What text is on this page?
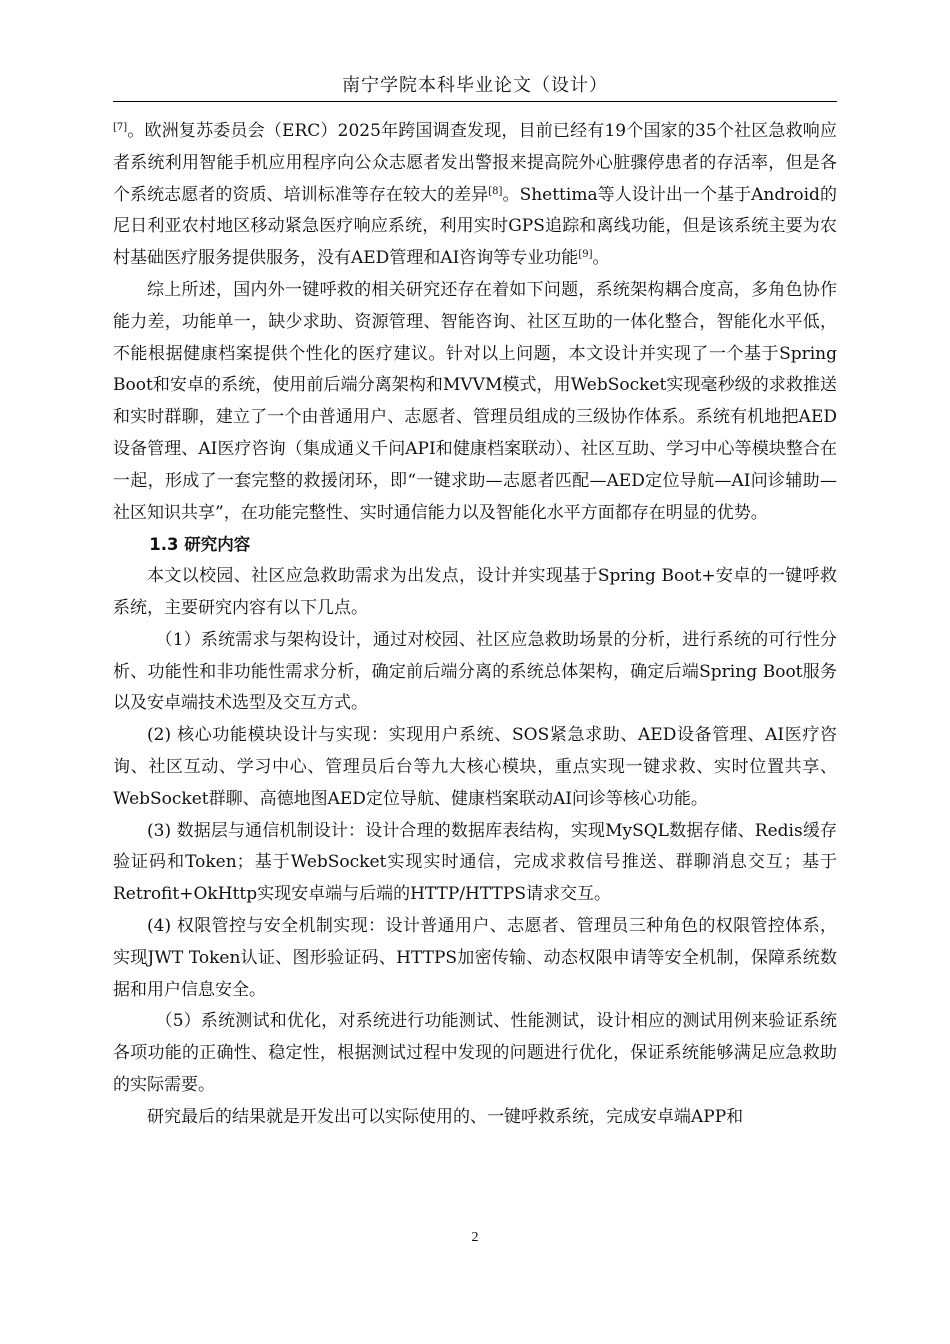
南宁学院本科毕业论文（设计）

[7]。欧洲复苏委员会（ERC）2025年跨国调查发现，目前已经有19个国家的35个社区急救响应者系统利用智能手机应用程序向公众志愿者发出警报来提高院外心脏骤停患者的存活率，但是各个系统志愿者的资质、培训标准等存在较大的差异[8]。Shettima等人设计出一个基于Android的尼日利亚农村地区移动紧急医疗响应系统，利用实时GPS追踪和离线功能，但是该系统主要为农村基础医疗服务提供服务，没有AED管理和AI咨询等专业功能[9]。

综上所述，国内外一键呼救的相关研究还存在着如下问题，系统架构耦合度高，多角色协作能力差，功能单一，缺少求助、资源管理、智能咨询、社区互助的一体化整合，智能化水平低，不能根据健康档案提供个性化的医疗建议。针对以上问题，本文设计并实现了一个基于Spring Boot和安卓的系统，使用前后端分离架构和MVVM模式，用WebSocket实现毫秒级的求救推送和实时群聊，建立了一个由普通用户、志愿者、管理员组成的三级协作体系。系统有机地把AED设备管理、AI医疗咨询（集成通义千问API和健康档案联动）、社区互助、学习中心等模块整合在一起，形成了一套完整的救援闭环，即“一键求助—志愿者匹配—AED定位导航—AI问诊辅助—社区知识共享”，在功能完整性、实时通信能力以及智能化水平方面都存在明显的优势。

1.3 研究内容

本文以校园、社区应急救助需求为出发点，设计并实现基于Spring Boot+安卓的一键呼救系统，主要研究内容有以下几点。

（1）系统需求与架构设计，通过对校园、社区应急救助场景的分析，进行系统的可行性分析、功能性和非功能性需求分析，确定前后端分离的系统总体架构，确定后端Spring Boot服务以及安卓端技术选型及交互方式。

(2) 核心功能模块设计与实现：实现用户系统、SOS紧急求助、AED设备管理、AI医疗咨询、社区互动、学习中心、管理员后台等九大核心模块，重点实现一键求救、实时位置共享、WebSocket群聊、高德地图AED定位导航、健康档案联动AI问诊等核心功能。

(3) 数据层与通信机制设计：设计合理的数据库表结构，实现MySQL数据存储、Redis缓存验证码和Token；基于WebSocket实现实时通信，完成求救信号推送、群聊消息交互；基于Retrofit+OkHttp实现安卓端与后端的HTTP/HTTPS请求交互。

(4) 权限管控与安全机制实现：设计普通用户、志愿者、管理员三种角色的权限管控体系，实现JWT Token认证、图形验证码、HTTPS加密传输、动态权限申请等安全机制，保障系统数据和用户信息安全。

（5）系统测试和优化，对系统进行功能测试、性能测试，设计相应的测试用例来验证系统各项功能的正确性、稳定性，根据测试过程中发现的问题进行优化，保证系统能够满足应急救助的实际需要。

研究最后的结果就是开发出可以实际使用的、一键呼救系统，完成安卓端APP和

2
